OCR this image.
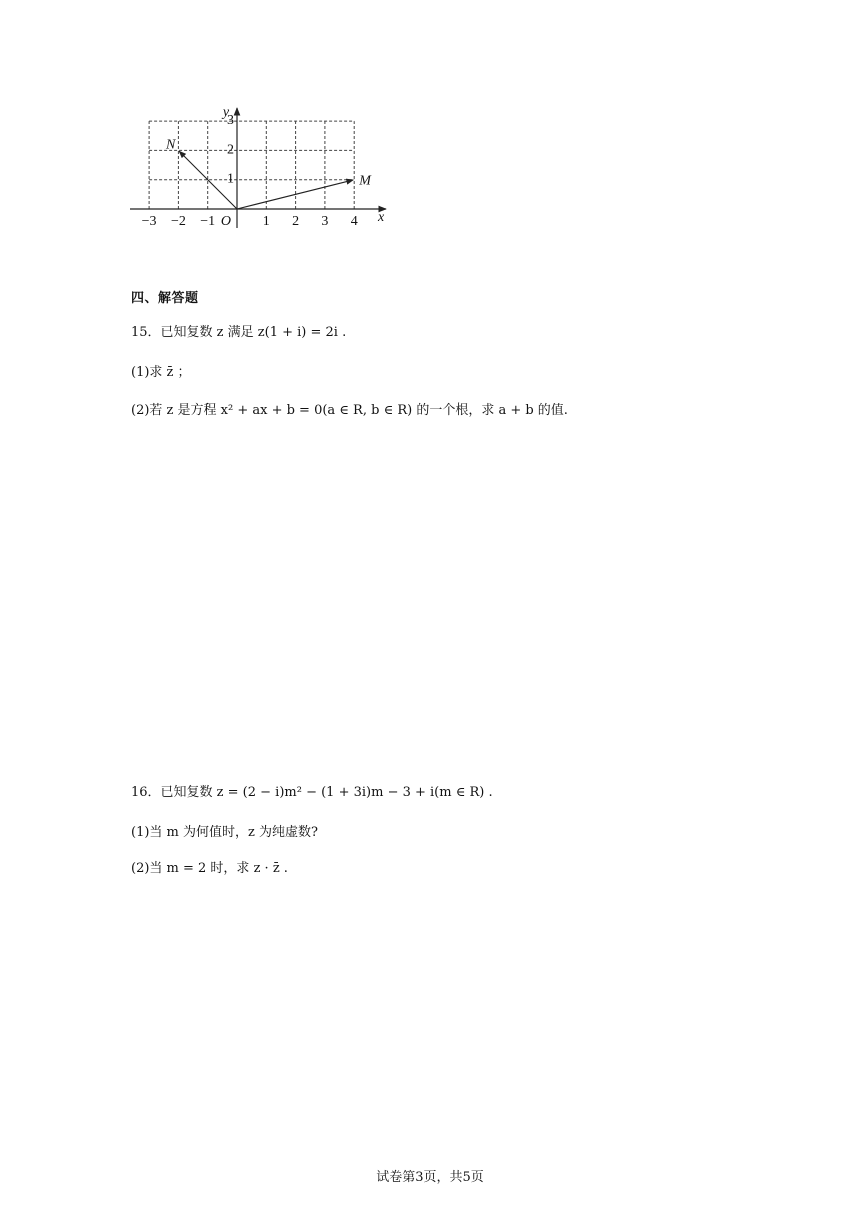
−3 −2 −1	1 2 3 4
1
2
3
O	x
y
M
N
四、解答题
15．已知复数 z 满足 z(1 + i) = 2i .
(1)求 z̄ ；
(2)若 z 是方程 x² + ax + b = 0(a ∈ R, b ∈ R) 的一个根，求 a + b 的值.
16．已知复数 z = (2 − i)m² − (1 + 3i)m − 3 + i(m ∈ R) .
(1)当 m 为何值时，z 为纯虚数?
(2)当 m = 2 时，求 z · z̄ .
试卷第3页，共5页
